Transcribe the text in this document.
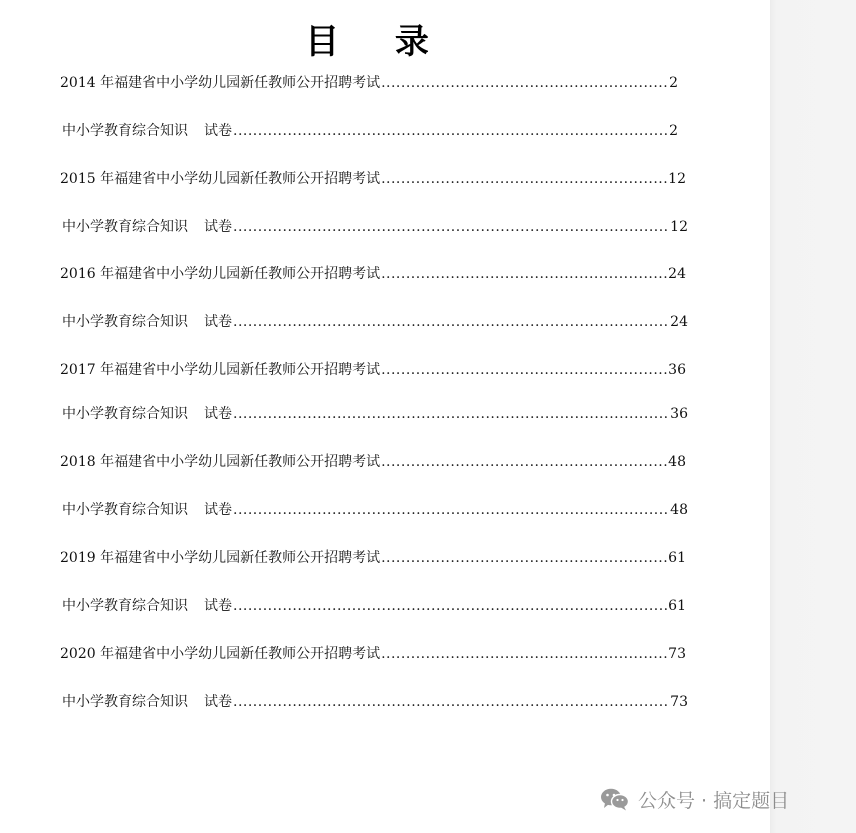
目 录
2014 年福建省中小学幼儿园新任教师公开招聘考试 .....	2
中小学教育综合知识 试卷 .....	2
2015 年福建省中小学幼儿园新任教师公开招聘考试 .....	12
中小学教育综合知识 试卷 .....	12
2016 年福建省中小学幼儿园新任教师公开招聘考试 .....	24
中小学教育综合知识 试卷 .....	24
2017 年福建省中小学幼儿园新任教师公开招聘考试 .....	36
中小学教育综合知识 试卷 .....	36
2018 年福建省中小学幼儿园新任教师公开招聘考试 .....	48
中小学教育综合知识 试卷 .....	48
2019 年福建省中小学幼儿园新任教师公开招聘考试 .....	61
中小学教育综合知识 试卷 .....	61
2020 年福建省中小学幼儿园新任教师公开招聘考试 .....	73
中小学教育综合知识 试卷 .....	73
公众号 · 搞定题目
